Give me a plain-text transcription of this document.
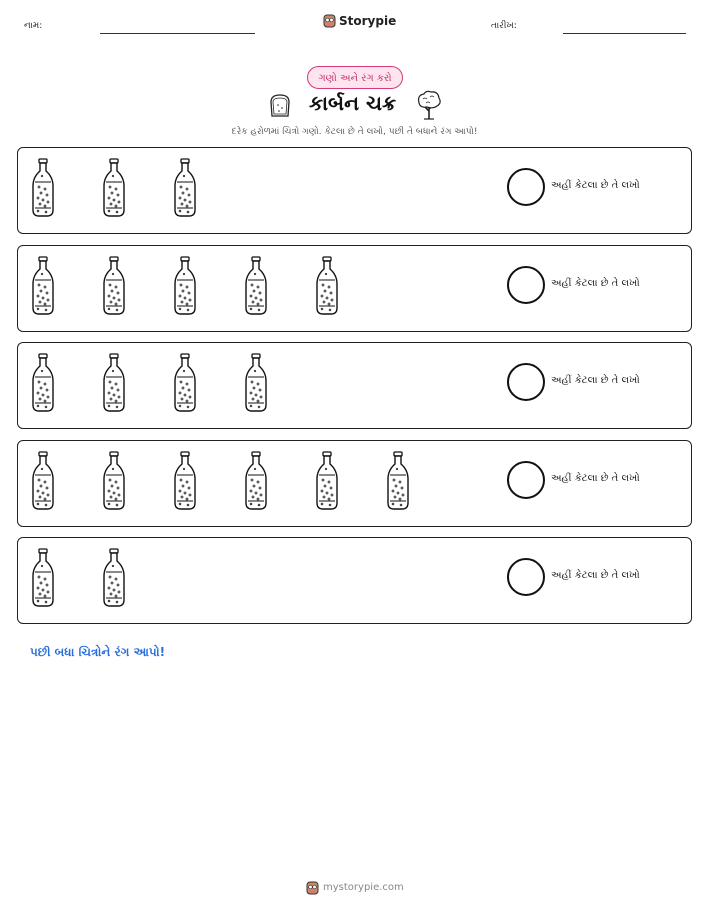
નામ:	Storypie	તારીખ:
ગણો અને રંગ કરો
કાર્બન ચક્ર
દરેક હરોળમાં ચિત્રો ગણો. કેટલા છે તે લખો, પછી તે બધાને રંગ આપો!
અહીં કેટલા છે તે લખો
અહીં કેટલા છે તે લખો
અહીં કેટલા છે તે લખો
અહીં કેટલા છે તે લખો
અહીં કેટલા છે તે લખો
પછી બધા ચિત્રોને રંગ આપો!
mystorypie.com
